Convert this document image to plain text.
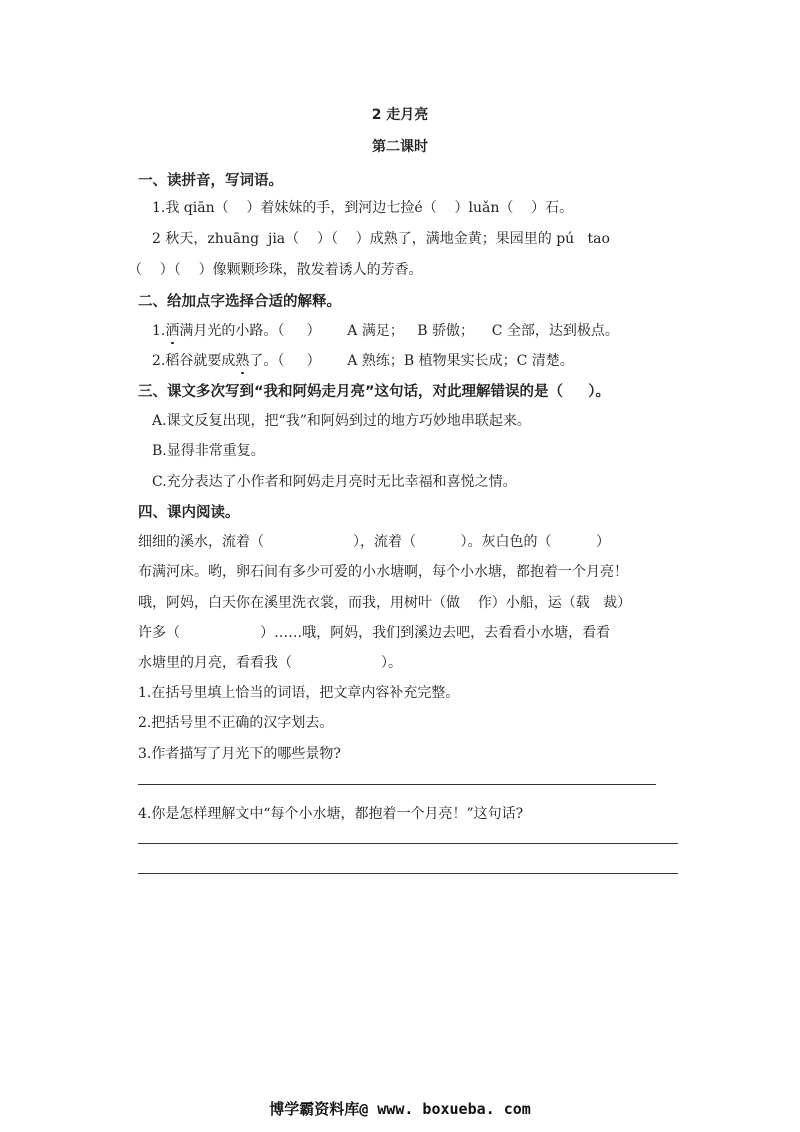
2 走月亮
第二课时
一、读拼音，写词语。
1.我 qiān（    ）着妹妹的手，到河边七捡é（    ）luǎn（    ）石。
2 秋天，zhuāng  jia（    ）（    ）成熟了，满地金黄；果园里的 pú   tao
（    ）（    ）像颗颗珍珠，散发着诱人的芳香。
二、给加点字选择合适的解释。
1.洒满月光的小路。（     ）      A 满足；   B 骄傲；    C 全部，达到极点。
2.稻谷就要成熟了。（     ）      A 熟练；B 植物果实长成；C 清楚。
三、课文多次写到“我和阿妈走月亮”这句话，对此理解错误的是（     ）。
A.课文反复出现，把“我”和阿妈到过的地方巧妙地串联起来。
B.显得非常重复。
C.充分表达了小作者和阿妈走月亮时无比幸福和喜悦之情。
四、课内阅读。
细细的溪水，流着（                    ），流着（          ）。灰白色的（          ）
布满河床。哟，卵石间有多少可爱的小水塘啊，每个小水塘，都抱着一个月亮！
哦，阿妈，白天你在溪里洗衣裳，而我，用树叶（做    作）小船，运（载   裁）
许多（                  ）……哦，阿妈，我们到溪边去吧，去看看小水塘，看看
水塘里的月亮，看看我（                    ）。
1.在括号里填上恰当的词语，把文章内容补充完整。
2.把括号里不正确的汉字划去。
3.作者描写了月光下的哪些景物?
4.你是怎样理解文中“每个小水塘，都抱着一个月亮！”这句话?
博学霸资料库@ www. boxueba. com
